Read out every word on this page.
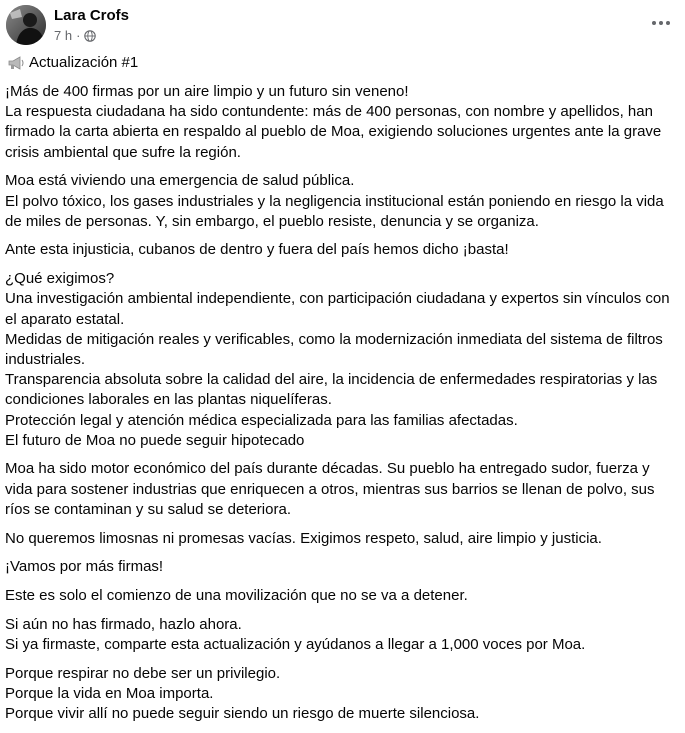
Lara Crofs
7 h ·
Actualización #1
¡Más de 400 firmas por un aire limpio y un futuro sin veneno!
La respuesta ciudadana ha sido contundente: más de 400 personas, con nombre y apellidos, han firmado la carta abierta en respaldo al pueblo de Moa, exigiendo soluciones urgentes ante la grave crisis ambiental que sufre la región.
Moa está viviendo una emergencia de salud pública.
El polvo tóxico, los gases industriales y la negligencia institucional están poniendo en riesgo la vida de miles de personas. Y, sin embargo, el pueblo resiste, denuncia y se organiza.
Ante esta injusticia, cubanos de dentro y fuera del país hemos dicho ¡basta!
¿Qué exigimos?
Una investigación ambiental independiente, con participación ciudadana y expertos sin vínculos con el aparato estatal.
Medidas de mitigación reales y verificables, como la modernización inmediata del sistema de filtros industriales.
Transparencia absoluta sobre la calidad del aire, la incidencia de enfermedades respiratorias y las condiciones laborales en las plantas niquelíferas.
Protección legal y atención médica especializada para las familias afectadas.
El futuro de Moa no puede seguir hipotecado
Moa ha sido motor económico del país durante décadas. Su pueblo ha entregado sudor, fuerza y vida para sostener industrias que enriquecen a otros, mientras sus barrios se llenan de polvo, sus ríos se contaminan y su salud se deteriora.
No queremos limosnas ni promesas vacías. Exigimos respeto, salud, aire limpio y justicia.
¡Vamos por más firmas!
Este es solo el comienzo de una movilización que no se va a detener.
Si aún no has firmado, hazlo ahora.
Si ya firmaste, comparte esta actualización y ayúdanos a llegar a 1,000 voces por Moa.
Porque respirar no debe ser un privilegio.
Porque la vida en Moa importa.
Porque vivir allí no puede seguir siendo un riesgo de muerte silenciosa.
